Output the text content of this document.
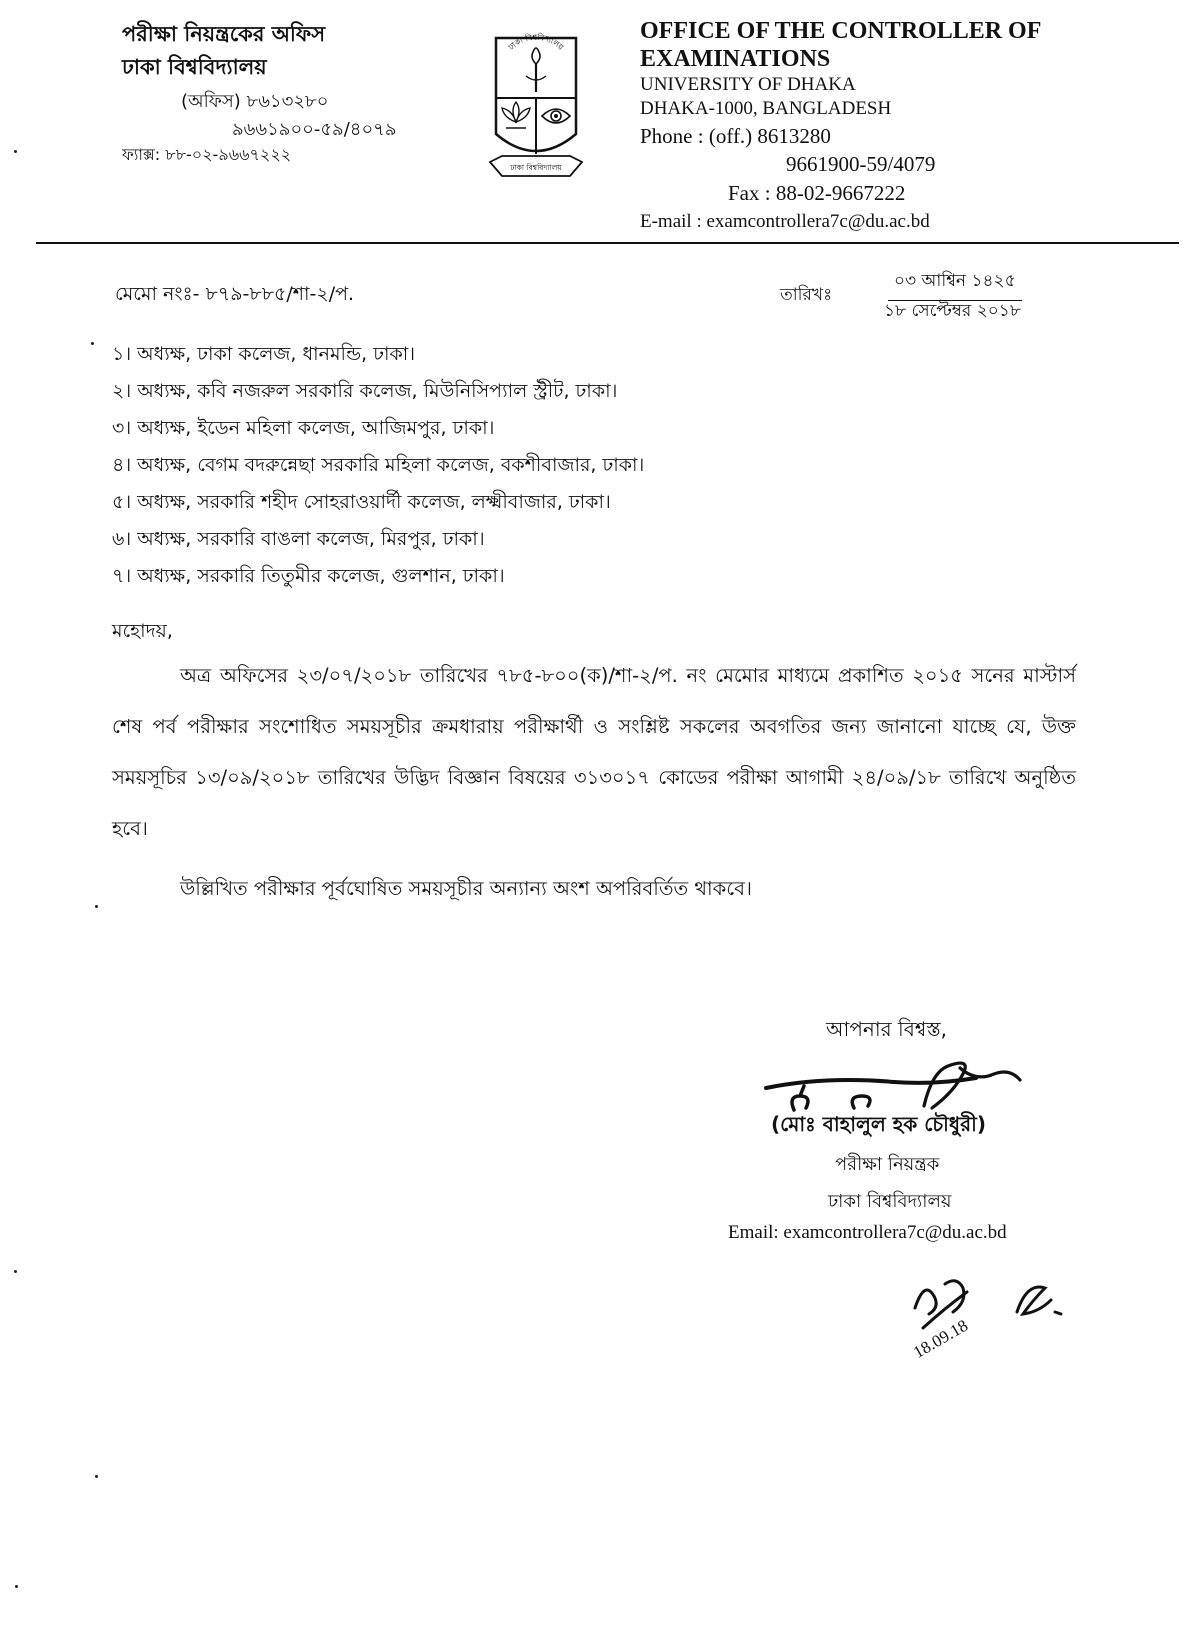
পরীক্ষা নিয়ন্ত্রকের অফিস
ঢাকা বিশ্ববিদ্যালয়
(অফিস) ৮৬১৩২৮০
৯৬৬১৯০০-৫৯/৪০৭৯
ফ্যাক্স: ৮৮-০২-৯৬৬৭২২২
ঢাকা বিশ্ববিদ্যালয়
ঢাকা বিশ্ববিদ্যালয়
OFFICE OF THE CONTROLLER OF
EXAMINATIONS
UNIVERSITY OF DHAKA
DHAKA-1000, BANGLADESH
Phone : (off.) 8613280
9661900-59/4079
Fax : 88-02-9667222
E-mail : examcontrollera7c@du.ac.bd
মেমো নংঃ- ৮৭৯-৮৮৫/শা-২/প.	তারিখঃ
০৩ আশ্বিন ১৪২৫
১৮ সেপ্টেম্বর ২০১৮
১। অধ্যক্ষ, ঢাকা কলেজ, ধানমন্ডি, ঢাকা।
২। অধ্যক্ষ, কবি নজরুল সরকারি কলেজ, মিউনিসিপ্যাল স্ট্রীট, ঢাকা।
৩। অধ্যক্ষ, ইডেন মহিলা কলেজ, আজিমপুর, ঢাকা।
৪। অধ্যক্ষ, বেগম বদরুন্নেছা সরকারি মহিলা কলেজ, বকশীবাজার, ঢাকা।
৫। অধ্যক্ষ, সরকারি শহীদ সোহরাওয়ার্দী কলেজ, লক্ষ্মীবাজার, ঢাকা।
৬। অধ্যক্ষ, সরকারি বাঙলা কলেজ, মিরপুর, ঢাকা।
৭। অধ্যক্ষ, সরকারি তিতুমীর কলেজ, গুলশান, ঢাকা।
মহোদয়,

অত্র অফিসের ২৩/০৭/২০১৮ তারিখের ৭৮৫-৮০০(ক)/শা-২/প. নং মেমোর মাধ্যমে প্রকাশিত ২০১৫ সনের মাস্টার্স শেষ পর্ব পরীক্ষার সংশোধিত সময়সূচীর ক্রমধারায় পরীক্ষার্থী ও সংশ্লিষ্ট সকলের অবগতির জন্য জানানো যাচ্ছে যে, উক্ত সময়সূচির ১৩/০৯/২০১৮ তারিখের উদ্ভিদ বিজ্ঞান বিষয়ের ৩১৩০১৭ কোডের পরীক্ষা আগামী ২৪/০৯/১৮ তারিখে অনুষ্ঠিত হবে।

উল্লিখিত পরীক্ষার পূর্বঘোষিত সময়সূচীর অন্যান্য অংশ অপরিবর্তিত থাকবে।
আপনার বিশ্বস্ত,
(মোঃ বাহালুল হক চৌধুরী)
পরীক্ষা নিয়ন্ত্রক
ঢাকা বিশ্ববিদ্যালয়
Email: examcontrollera7c@du.ac.bd
18.09.18
